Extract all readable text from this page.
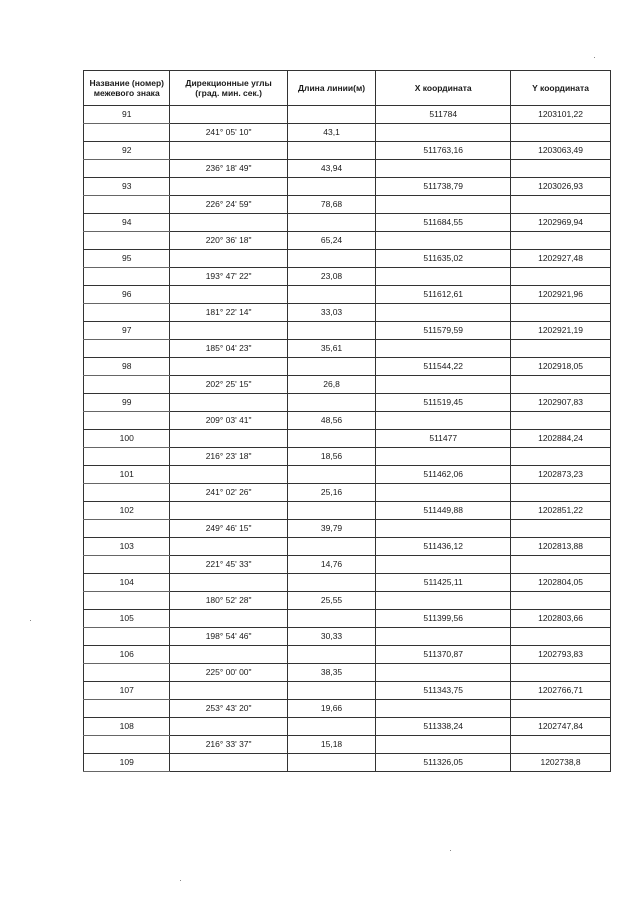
Название (номер) межевого знака	Дирекционные углы (град. мин. сек.)	Длина линии(м)	X координата	Y координата
91			511784	1203101,22
	241° 05' 10"	43,1		
92			511763,16	1203063,49
	236° 18' 49"	43,94		
93			511738,79	1203026,93
	226° 24' 59"	78,68		
94			511684,55	1202969,94
	220° 36' 18"	65,24		
95			511635,02	1202927,48
	193° 47' 22"	23,08		
96			511612,61	1202921,96
	181° 22' 14"	33,03		
97			511579,59	1202921,19
	185° 04' 23"	35,61		
98			511544,22	1202918,05
	202° 25' 15"	26,8		
99			511519,45	1202907,83
	209° 03' 41"	48,56		
100			511477	1202884,24
	216° 23' 18"	18,56		
101			511462,06	1202873,23
	241° 02' 26"	25,16		
102			511449,88	1202851,22
	249° 46' 15"	39,79		
103			511436,12	1202813,88
	221° 45' 33"	14,76		
104			511425,11	1202804,05
	180° 52' 28"	25,55		
105			511399,56	1202803,66
	198° 54' 46"	30,33		
106			511370,87	1202793,83
	225° 00' 00"	38,35		
107			511343,75	1202766,71
	253° 43' 20"	19,66		
108			511338,24	1202747,84
	216° 33' 37"	15,18		
109			511326,05	1202738,8
